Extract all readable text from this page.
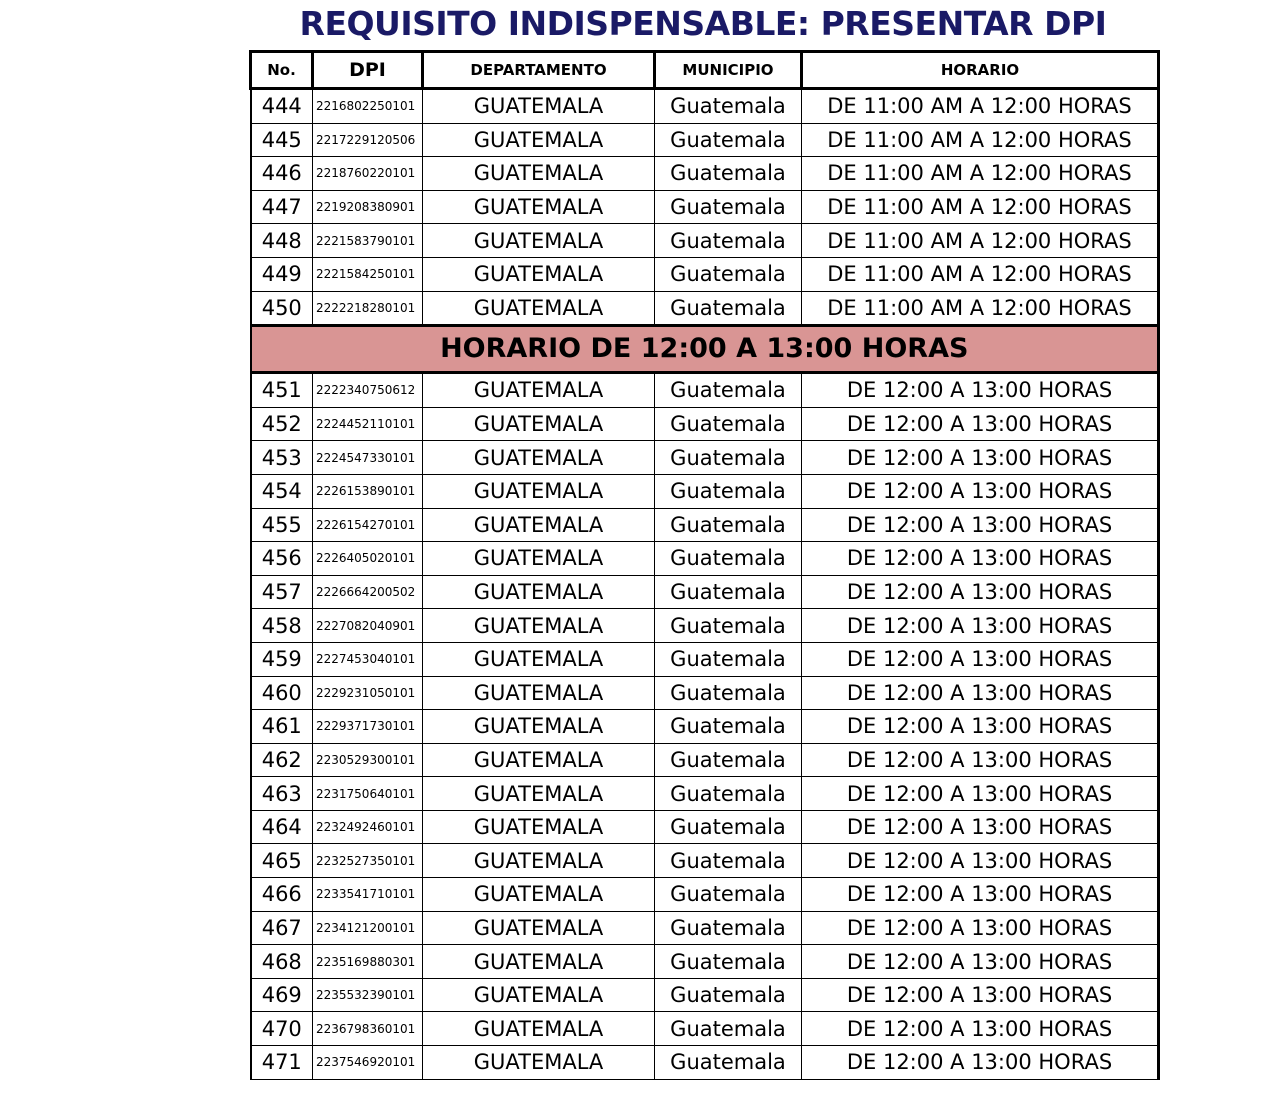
REQUISITO INDISPENSABLE: PRESENTAR DPI
No.	DPI	DEPARTAMENTO	MUNICIPIO	HORARIO
444	2216802250101	GUATEMALA	Guatemala	DE 11:00 AM A 12:00 HORAS
445	2217229120506	GUATEMALA	Guatemala	DE 11:00 AM A 12:00 HORAS
446	2218760220101	GUATEMALA	Guatemala	DE 11:00 AM A 12:00 HORAS
447	2219208380901	GUATEMALA	Guatemala	DE 11:00 AM A 12:00 HORAS
448	2221583790101	GUATEMALA	Guatemala	DE 11:00 AM A 12:00 HORAS
449	2221584250101	GUATEMALA	Guatemala	DE 11:00 AM A 12:00 HORAS
450	2222218280101	GUATEMALA	Guatemala	DE 11:00 AM A 12:00 HORAS
HORARIO DE 12:00 A 13:00 HORAS				
451	2222340750612	GUATEMALA	Guatemala	DE 12:00 A 13:00 HORAS
452	2224452110101	GUATEMALA	Guatemala	DE 12:00 A 13:00 HORAS
453	2224547330101	GUATEMALA	Guatemala	DE 12:00 A 13:00 HORAS
454	2226153890101	GUATEMALA	Guatemala	DE 12:00 A 13:00 HORAS
455	2226154270101	GUATEMALA	Guatemala	DE 12:00 A 13:00 HORAS
456	2226405020101	GUATEMALA	Guatemala	DE 12:00 A 13:00 HORAS
457	2226664200502	GUATEMALA	Guatemala	DE 12:00 A 13:00 HORAS
458	2227082040901	GUATEMALA	Guatemala	DE 12:00 A 13:00 HORAS
459	2227453040101	GUATEMALA	Guatemala	DE 12:00 A 13:00 HORAS
460	2229231050101	GUATEMALA	Guatemala	DE 12:00 A 13:00 HORAS
461	2229371730101	GUATEMALA	Guatemala	DE 12:00 A 13:00 HORAS
462	2230529300101	GUATEMALA	Guatemala	DE 12:00 A 13:00 HORAS
463	2231750640101	GUATEMALA	Guatemala	DE 12:00 A 13:00 HORAS
464	2232492460101	GUATEMALA	Guatemala	DE 12:00 A 13:00 HORAS
465	2232527350101	GUATEMALA	Guatemala	DE 12:00 A 13:00 HORAS
466	2233541710101	GUATEMALA	Guatemala	DE 12:00 A 13:00 HORAS
467	2234121200101	GUATEMALA	Guatemala	DE 12:00 A 13:00 HORAS
468	2235169880301	GUATEMALA	Guatemala	DE 12:00 A 13:00 HORAS
469	2235532390101	GUATEMALA	Guatemala	DE 12:00 A 13:00 HORAS
470	2236798360101	GUATEMALA	Guatemala	DE 12:00 A 13:00 HORAS
471	2237546920101	GUATEMALA	Guatemala	DE 12:00 A 13:00 HORAS
